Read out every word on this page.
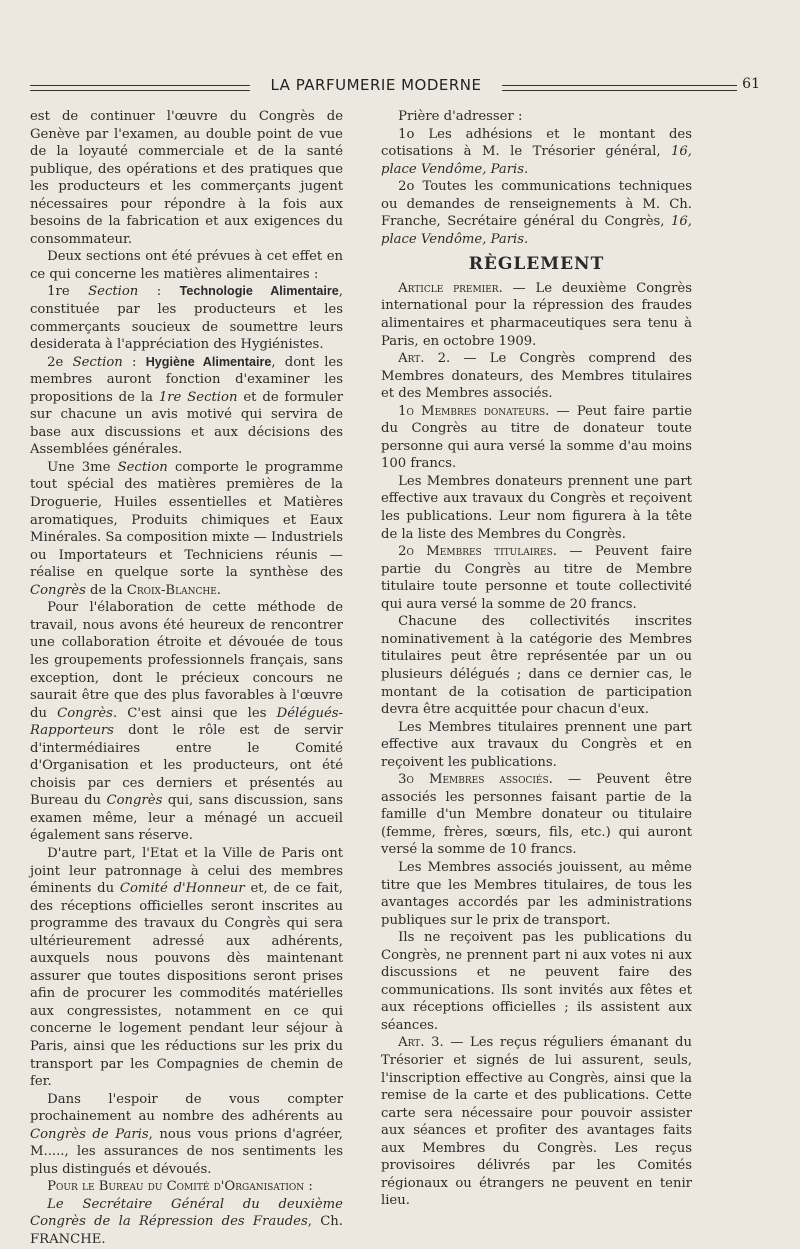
LA PARFUMERIE MODERNE	61

est de continuer l'œuvre du Congrès de Genève par l'examen, au double point de vue de la loyauté commerciale et de la santé publique, des opérations et des pratiques que les producteurs et les commerçants jugent nécessaires pour répondre à la fois aux besoins de la fabrication et aux exigences du consommateur.

Deux sections ont été prévues à cet effet en ce qui concerne les matières alimentaires :

1re Section : Technologie Alimentaire, constituée par les producteurs et les commerçants soucieux de soumettre leurs desiderata à l'appréciation des Hygiénistes.

2e Section : Hygiène Alimentaire, dont les membres auront fonction d'examiner les propositions de la 1re Section et de formuler sur chacune un avis motivé qui servira de base aux discussions et aux décisions des Assemblées générales.

Une 3me Section comporte le programme tout spécial des matières premières de la Droguerie, Huiles essentielles et Matières aromatiques, Produits chimiques et Eaux Minérales. Sa composition mixte — Industriels ou Importateurs et Techniciens réunis — réalise en quelque sorte la synthèse des Congrès de la Croix-Blanche.

Pour l'élaboration de cette méthode de travail, nous avons été heureux de rencontrer une collaboration étroite et dévouée de tous les groupements professionnels français, sans exception, dont le précieux concours ne saurait être que des plus favorables à l'œuvre du Congrès. C'est ainsi que les Délégués-Rapporteurs dont le rôle est de servir d'intermédiaires entre le Comité d'Organisation et les producteurs, ont été choisis par ces derniers et présentés au Bureau du Congrès qui, sans discussion, sans examen même, leur a ménagé un accueil également sans réserve.

D'autre part, l'Etat et la Ville de Paris ont joint leur patronnage à celui des membres éminents du Comité d'Honneur et, de ce fait, des réceptions officielles seront inscrites au programme des travaux du Congrès qui sera ultérieurement adressé aux adhérents, auxquels nous pouvons dès maintenant assurer que toutes dispositions seront prises afin de procurer les commodités matérielles aux congressistes, notamment en ce qui concerne le logement pendant leur séjour à Paris, ainsi que les réductions sur les prix du transport par les Compagnies de chemin de fer.

Dans l'espoir de vous compter prochainement au nombre des adhérents au Congrès de Paris, nous vous prions d'agréer, M....., les assurances de nos sentiments les plus distingués et dévoués.

Pour le Bureau du Comité d'Organisation :

Le Secrétaire Général du deuxième Congrès de la Répression des Fraudes, Ch. FRANCHE.

Prière d'adresser :

1o Les adhésions et le montant des cotisations à M. le Trésorier général, 16, place Vendôme, Paris.

2o Toutes les communications techniques ou demandes de renseignements à M. Ch. Franche, Secrétaire général du Congrès, 16, place Vendôme, Paris.

RÈGLEMENT

Article premier. — Le deuxième Congrès international pour la répression des fraudes alimentaires et pharmaceutiques sera tenu à Paris, en octobre 1909.

Art. 2. — Le Congrès comprend des Membres donateurs, des Membres titulaires et des Membres associés.

1o Membres donateurs. — Peut faire partie du Congrès au titre de donateur toute personne qui aura versé la somme d'au moins 100 francs.

Les Membres donateurs prennent une part effective aux travaux du Congrès et reçoivent les publications. Leur nom figurera à la tête de la liste des Membres du Congrès.

2o Membres titulaires. — Peuvent faire partie du Congrès au titre de Membre titulaire toute personne et toute collectivité qui aura versé la somme de 20 francs.

Chacune des collectivités inscrites nominativement à la catégorie des Membres titulaires peut être représentée par un ou plusieurs délégués ; dans ce dernier cas, le montant de la cotisation de participation devra être acquittée pour chacun d'eux.

Les Membres titulaires prennent une part effective aux travaux du Congrès et en reçoivent les publications.

3o Membres associés. — Peuvent être associés les personnes faisant partie de la famille d'un Membre donateur ou titulaire (femme, frères, sœurs, fils, etc.) qui auront versé la somme de 10 francs.

Les Membres associés jouissent, au même titre que les Membres titulaires, de tous les avantages accordés par les administrations publiques sur le prix de transport.

Ils ne reçoivent pas les publications du Congrès, ne prennent part ni aux votes ni aux discussions et ne peuvent faire des communications. Ils sont invités aux fêtes et aux réceptions officielles ; ils assistent aux séances.

Art. 3. — Les reçus réguliers émanant du Trésorier et signés de lui assurent, seuls, l'inscription effective au Congrès, ainsi que la remise de la carte et des publications. Cette carte sera nécessaire pour pouvoir assister aux séances et profiter des avantages faits aux Membres du Congrès. Les reçus provisoires délivrés par les Comités régionaux ou étrangers ne peuvent en tenir lieu.
